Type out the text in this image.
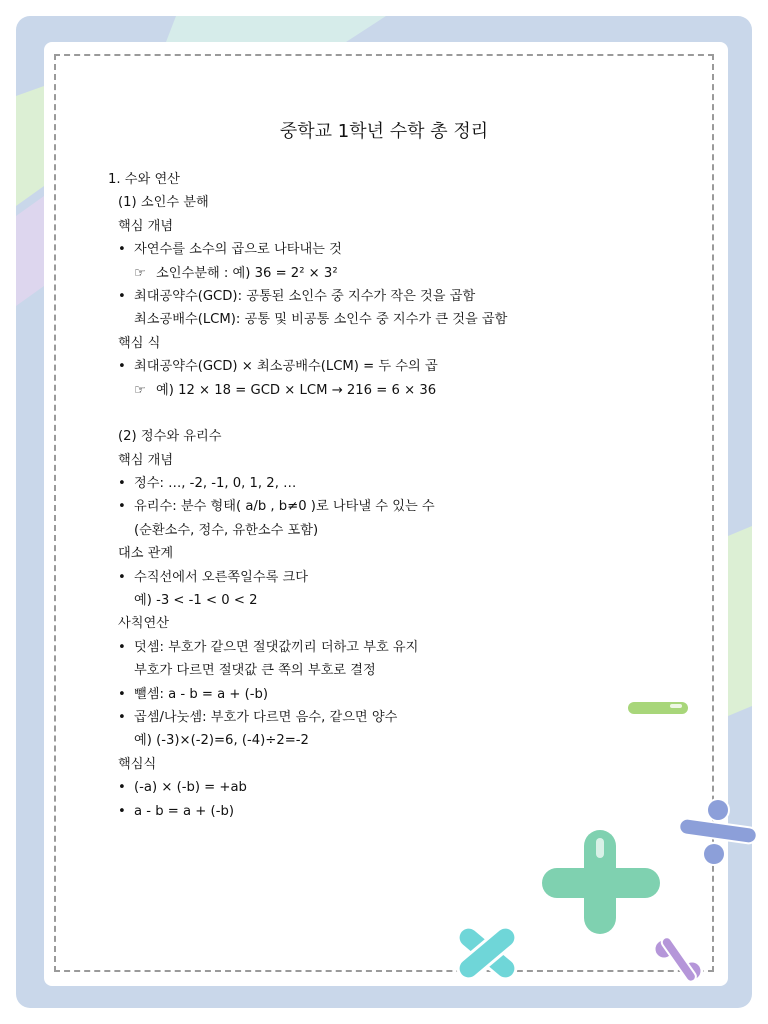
중학교 1학년 수학 총 정리
1. 수와 연산
(1) 소인수 분해
핵심 개념
• 자연수를 소수의 곱으로 나타내는 것
☞ 소인수분해 : 예) 36 = 2² × 3²
• 최대공약수(GCD): 공통된 소인수 중 지수가 작은 것을 곱함
최소공배수(LCM): 공통 및 비공통 소인수 중 지수가 큰 것을 곱함
핵심 식
• 최대공약수(GCD) × 최소공배수(LCM) = 두 수의 곱
☞ 예) 12 × 18 = GCD × LCM → 216 = 6 × 36
(2) 정수와 유리수
핵심 개념
• 정수: …, -2, -1, 0, 1, 2, …
• 유리수: 분수 형태( a/b , b≠0 )로 나타낼 수 있는 수
(순환소수, 정수, 유한소수 포함)
대소 관계
• 수직선에서 오른쪽일수록 크다
예) -3 < -1 < 0 < 2
사칙연산
• 덧셈: 부호가 같으면 절댓값끼리 더하고 부호 유지
부호가 다르면 절댓값 큰 쪽의 부호로 결정
• 뺄셈: a - b = a + (-b)
• 곱셈/나눗셈: 부호가 다르면 음수, 같으면 양수
예) (-3)×(-2)=6, (-4)÷2=-2
핵심식
• (-a) × (-b) = +ab
• a - b = a + (-b)
